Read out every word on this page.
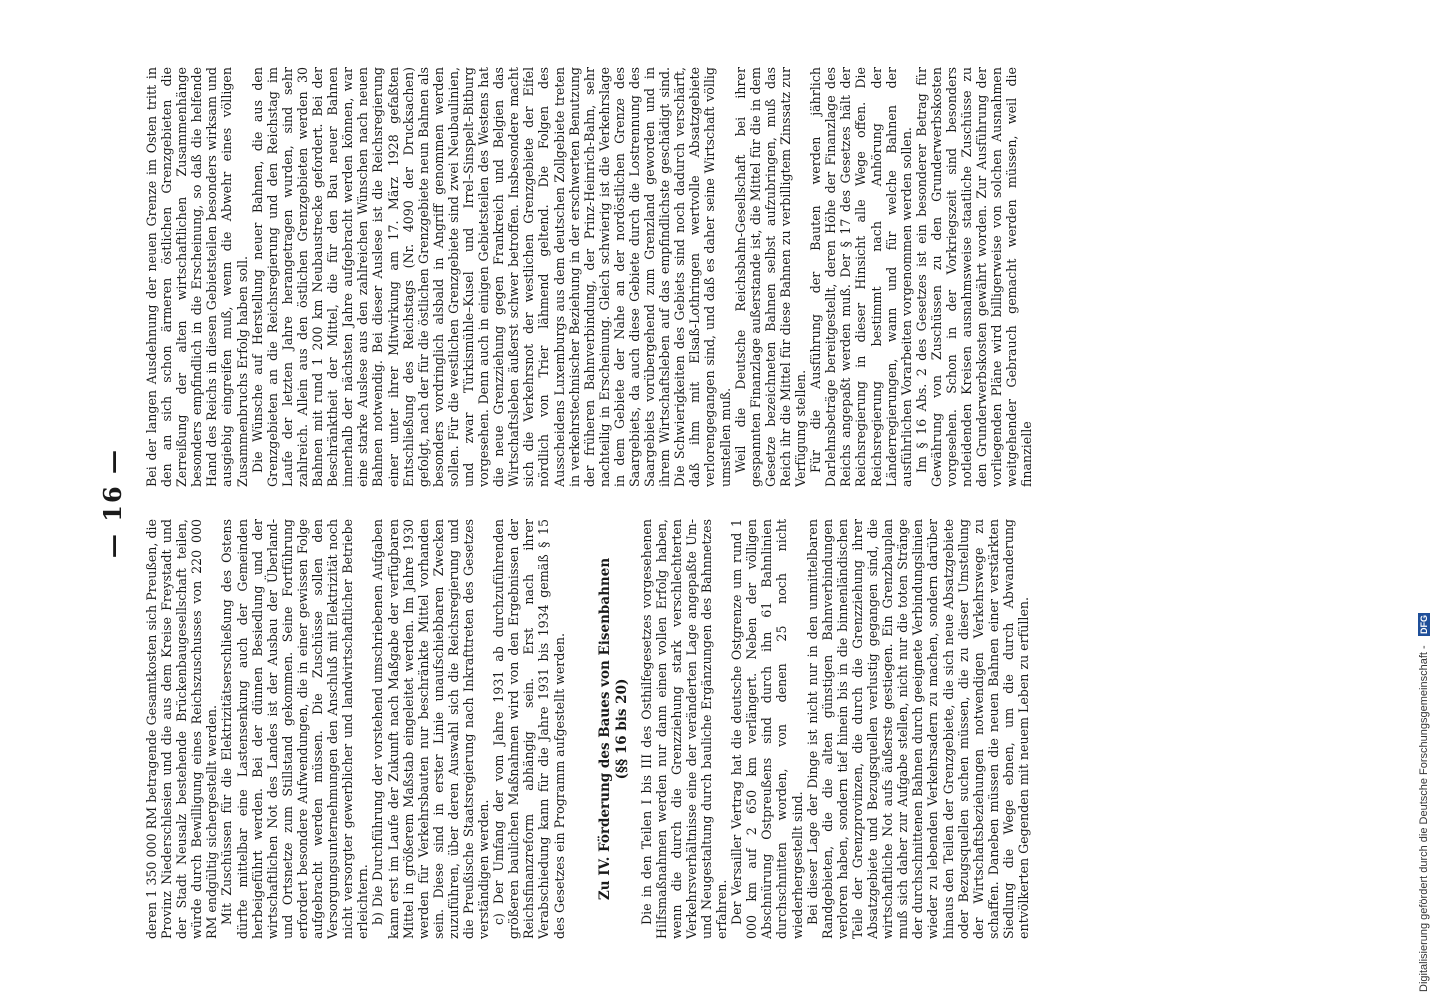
— 16 —

deren 1 350 000 RM betragende Gesamtkosten sich Preußen, die Provinz Niederschlesien und die aus dem Kreise Freystadt und der Stadt Neusalz bestehende Brückenbaugesellschaft teilen, würde durch Bewilligung eines Reichszuschusses von 220 000 RM endgültig sichergestellt werden. Mit Zuschüssen für die Elektrizitätserschließung des Ostens dürfte mittelbar eine Lastensenkung auch der Gemeinden herbeigeführt werden. Bei der dünnen Besiedlung und der wirtschaftlichen Not des Landes ist der Ausbau der Überland- und Ortsnetze zum Stillstand gekommen. Seine Fortführung erfordert besondere Aufwendungen, die in einer gewissen Folge aufgebracht werden müssen. Die Zuschüsse sollen den Versorgungsunternehmungen den Anschluß mit Elektrizität noch nicht versorgter gewerblicher und landwirtschaftlicher Betriebe erleichtern. b) Die Durchführung der vorstehend umschriebenen Aufgaben kann erst im Laufe der Zukunft nach Maßgabe der verfügbaren Mittel in größerem Maßstab eingeleitet werden. Im Jahre 1930 werden für Verkehrsbauten nur beschränkte Mittel vorhanden sein. Diese sind in erster Linie unaufschiebbaren Zwecken zuzuführen, über deren Auswahl sich die Reichsregierung und die Preußische Staatsregierung nach Inkrafttreten des Gesetzes verständigen werden. c) Der Umfang der vom Jahre 1931 ab durchzuführenden größeren baulichen Maßnahmen wird von den Ergebnissen der Reichsfinanzreform abhängig sein. Erst nach ihrer Verabschiedung kann für die Jahre 1931 bis 1934 gemäß § 15 des Gesetzes ein Programm aufgestellt werden. Zu IV. Förderung des Baues von Eisenbahnen (§§ 16 bis 20) Die in den Teilen I bis III des Osthilfegesetzes vorgesehenen Hilfsmaßnahmen werden nur dann einen vollen Erfolg haben, wenn die durch die Grenzziehung stark verschlechterten Verkehrsverhältnisse eine der veränderten Lage angepaßte Um- und Neugestaltung durch bauliche Ergänzungen des Bahnnetzes erfahren. Der Versailler Vertrag hat die deutsche Ostgrenze um rund 1 000 km auf 2 650 km verlängert. Neben der völligen Abschnürung Ostpreußens sind durch ihn 61 Bahnlinien durchschnitten worden, von denen 25 noch nicht wiederhergestellt sind. Bei dieser Lage der Dinge ist nicht nur in den unmittelbaren Randgebieten, die die alten günstigen Bahnverbindungen verloren haben, sondern tief hinein bis in die binnenländischen Teile der Grenzprovinzen, die durch die Grenzziehung ihrer Absatzgebiete und Bezugsquellen verlustig gegangen sind, die wirtschaftliche Not aufs äußerste gestiegen. Ein Grenzbauplan muß sich daher zur Aufgabe stellen, nicht nur die toten Stränge der durchschnittenen Bahnen durch geeignete Verbindungslinien wieder zu lebenden Verkehrsadern zu machen, sondern darüber hinaus den Teilen der Grenzgebiete, die sich neue Absatzgebiete oder Bezugsquellen suchen müssen, die zu dieser Umstellung der Wirtschaftsbeziehungen notwendigen Verkehrswege zu schaffen. Daneben müssen die neuen Bahnen einer verstärkten Siedlung die Wege ebnen, um die durch Abwanderung entvölkerten Gegenden mit neuem Leben zu erfüllen.

Bei der langen Ausdehnung der neuen Grenze im Osten tritt in den an sich schon ärmeren östlichen Grenzgebieten die Zerreißung der alten wirtschaftlichen Zusammenhänge besonders empfindlich in die Erscheinung, so daß die helfende Hand des Reichs in diesen Gebietsteilen besonders wirksam und ausgiebig eingreifen muß, wenn die Abwehr eines völligen Zusammenbruchs Erfolg haben soll. Die Wünsche auf Herstellung neuer Bahnen, die aus den Grenzgebieten an die Reichsregierung und den Reichstag im Laufe der letzten Jahre herangetragen wurden, sind sehr zahlreich. Allein aus den östlichen Grenzgebieten werden 30 Bahnen mit rund 1 200 km Neubaustrecke gefordert. Bei der Beschränktheit der Mittel, die für den Bau neuer Bahnen innerhalb der nächsten Jahre aufgebracht werden können, war eine starke Auslese aus den zahlreichen Wünschen nach neuen Bahnen notwendig. Bei dieser Auslese ist die Reichsregierung einer unter ihrer Mitwirkung am 17. März 1928 gefaßten Entschließung des Reichstags (Nr. 4090 der Drucksachen) gefolgt, nach der für die östlichen Grenzgebiete neun Bahnen als besonders vordringlich alsbald in Angriff genommen werden sollen. Für die westlichen Grenzgebiete sind zwei Neubaulinien, und zwar Türkismühle–Kusel und Irrel–Sinspelt–Bitburg vorgesehen. Denn auch in einigen Gebietsteilen des Westens hat die neue Grenzziehung gegen Frankreich und Belgien das Wirtschaftsleben äußerst schwer betroffen. Insbesondere macht sich die Verkehrsnot der westlichen Grenzgebiete der Eifel nördlich von Trier lähmend geltend. Die Folgen des Ausscheidens Luxemburgs aus dem deutschen Zollgebiete treten in verkehrstechnischer Beziehung in der erschwerten Benutzung der früheren Bahnverbindung, der Prinz-Heinrich-Bahn, sehr nachteilig in Erscheinung. Gleich schwierig ist die Verkehrslage in dem Gebiete der Nahe an der nordöstlichen Grenze des Saargebiets, da auch diese Gebiete durch die Lostrennung des Saargebiets vorübergehend zum Grenzland geworden und in ihrem Wirtschaftsleben auf das empfindlichste geschädigt sind. Die Schwierigkeiten des Gebiets sind noch dadurch verschärft, daß ihm mit Elsaß-Lothringen wertvolle Absatzgebiete verlorengegangen sind, und daß es daher seine Wirtschaft völlig umstellen muß. Weil die Deutsche Reichsbahn-Gesellschaft bei ihrer gespannten Finanzlage außerstande ist, die Mittel für die in dem Gesetze bezeichneten Bahnen selbst aufzubringen, muß das Reich ihr die Mittel für diese Bahnen zu verbilligtem Zinssatz zur Verfügung stellen. Für die Ausführung der Bauten werden jährlich Darlehnsbeträge bereitgestellt, deren Höhe der Finanzlage des Reichs angepaßt werden muß. Der § 17 des Gesetzes hält der Reichsregierung in dieser Hinsicht alle Wege offen. Die Reichsregierung bestimmt nach Anhörung der Länderregierungen, wann und für welche Bahnen der ausführlichen Vorarbeiten vorgenommen werden sollen. Im § 16 Abs. 2 des Gesetzes ist ein besonderer Betrag für Gewährung von Zuschüssen zu den Grunderwerbskosten vorgesehen. Schon in der Vorkriegszeit sind besonders notleidenden Kreisen ausnahmsweise staatliche Zuschüsse zu den Grunderwerbskosten gewährt worden. Zur Ausführung der vorliegenden Pläne wird billigerweise von solchen Ausnahmen weitgehender Gebrauch gemacht werden müssen, weil die finanzielle

Digitalisierung gefördert durch die Deutsche Forschungsgemeinschaft - DFG
